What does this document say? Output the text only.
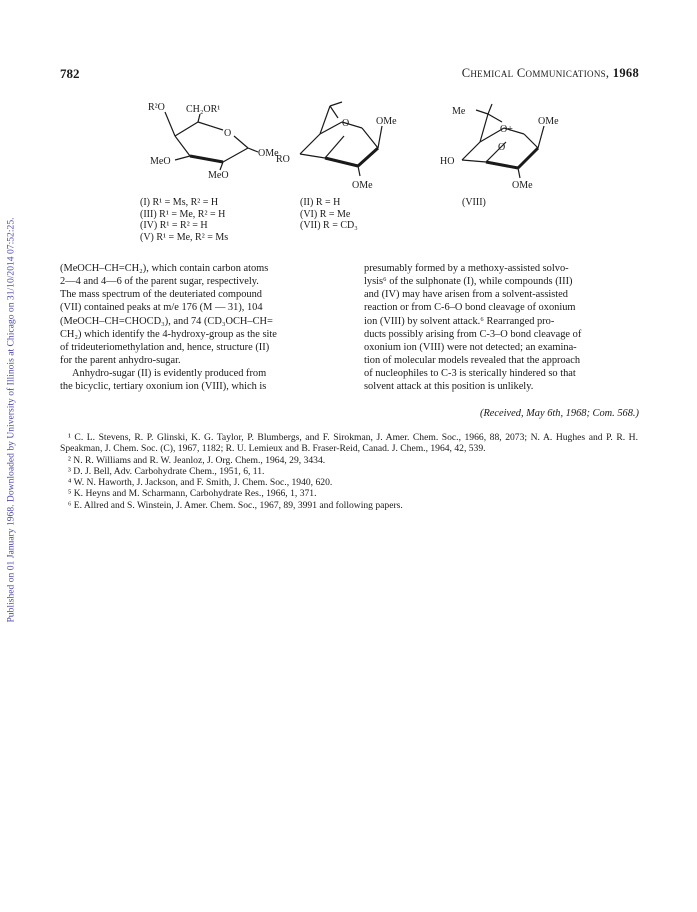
Published on 01 January 1968. Downloaded by University of Illinois at Chicago on 31/10/2014 07:52:25.
782	Chemical Communications, 1968
R²O CH₂OR¹
O
OMe
MeO
MeO
RO
O	OMe
OMe
HO
Me
O+
O
OMe
OMe
(I) R¹ = Ms, R² = H
(III) R¹ = Me, R² = H
(IV) R¹ = R² = H
(V) R¹ = Me, R² = Ms
(II) R = H
(VI) R = Me
(VII) R = CD₃
(VIII)

(MeOCH–CH=CH₂), which contain carbon atoms

2—4 and 4—6 of the parent sugar, respectively.

The mass spectrum of the deuteriated compound

(VII) contained peaks at m/e 176 (M — 31), 104

(MeOCH–CH=CHOCD₃), and 74 (CD₃OCH–CH=

CH₂) which identify the 4-hydroxy-group as the site

of trideuteriomethylation and, hence, structure (II)

for the parent anhydro-sugar.

Anhydro-sugar (II) is evidently produced from

the bicyclic, tertiary oxonium ion (VIII), which is

presumably formed by a methoxy-assisted solvo-

lysis⁶ of the sulphonate (I), while compounds (III)

and (IV) may have arisen from a solvent-assisted

reaction or from C-6–O bond cleavage of oxonium

ion (VIII) by solvent attack.⁶ Rearranged pro-

ducts possibly arising from C-3–O bond cleavage of

oxonium ion (VIII) were not detected; an examina-

tion of molecular models revealed that the approach

of nucleophiles to C-3 is sterically hindered so that

solvent attack at this position is unlikely.

(Received, May 6th, 1968; Com. 568.)
¹ C. L. Stevens, R. P. Glinski, K. G. Taylor, P. Blumbergs, and F. Sirokman, J. Amer. Chem. Soc., 1966, 88, 2073; N. A. Hughes and P. R. H. Speakman, J. Chem. Soc. (C), 1967, 1182; R. U. Lemieux and B. Fraser-Reid, Canad. J. Chem., 1964, 42, 539.
² N. R. Williams and R. W. Jeanloz, J. Org. Chem., 1964, 29, 3434.
³ D. J. Bell, Adv. Carbohydrate Chem., 1951, 6, 11.
⁴ W. N. Haworth, J. Jackson, and F. Smith, J. Chem. Soc., 1940, 620.
⁵ K. Heyns and M. Scharmann, Carbohydrate Res., 1966, 1, 371.
⁶ E. Allred and S. Winstein, J. Amer. Chem. Soc., 1967, 89, 3991 and following papers.
